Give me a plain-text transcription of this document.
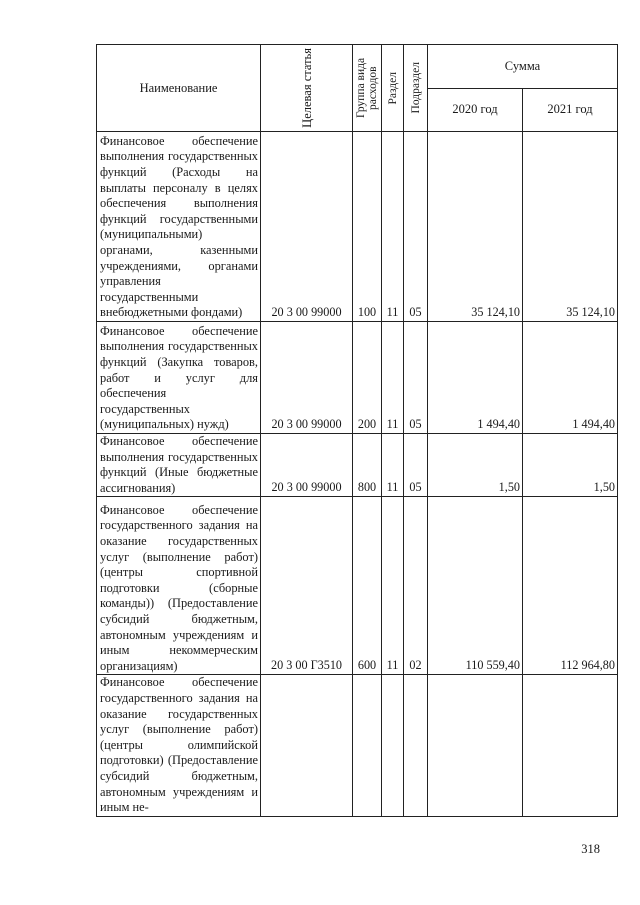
Наименование	Целевая статья	Группа вида расходов	Раздел	Подраздел	Сумма	
					2020 год	2021 год
Финансовое обеспечение выполнения государственных функций (Расходы на выплаты персоналу в целях обеспечения выполнения функций государственными (муниципальными) органами, казенными учреждениями, органами управления государственными внебюджетными фондами)	20 3 00 99000	100	11	05	35 124,10	35 124,10
Финансовое обеспечение выполнения государственных функций (Закупка товаров, работ и услуг для обеспечения государственных (муниципальных) нужд)	20 3 00 99000	200	11	05	1 494,40	1 494,40
Финансовое обеспечение выполнения государственных функций (Иные бюджетные ассигнования)	20 3 00 99000	800	11	05	1,50	1,50
Финансовое обеспечение государственного задания на оказание государственных услуг (выполнение работ) (центры спортивной подготовки (сборные команды)) (Предоставление субсидий бюджетным, автономным учреждениям и иным некоммерческим организациям)	20 3 00 Г3510	600	11	02	110 559,40	112 964,80
Финансовое обеспечение государственного задания на оказание государственных услуг (выполнение работ) (центры олимпийской подготовки) (Предоставление субсидий бюджетным, автономным учреждениям и иным не-						
318
